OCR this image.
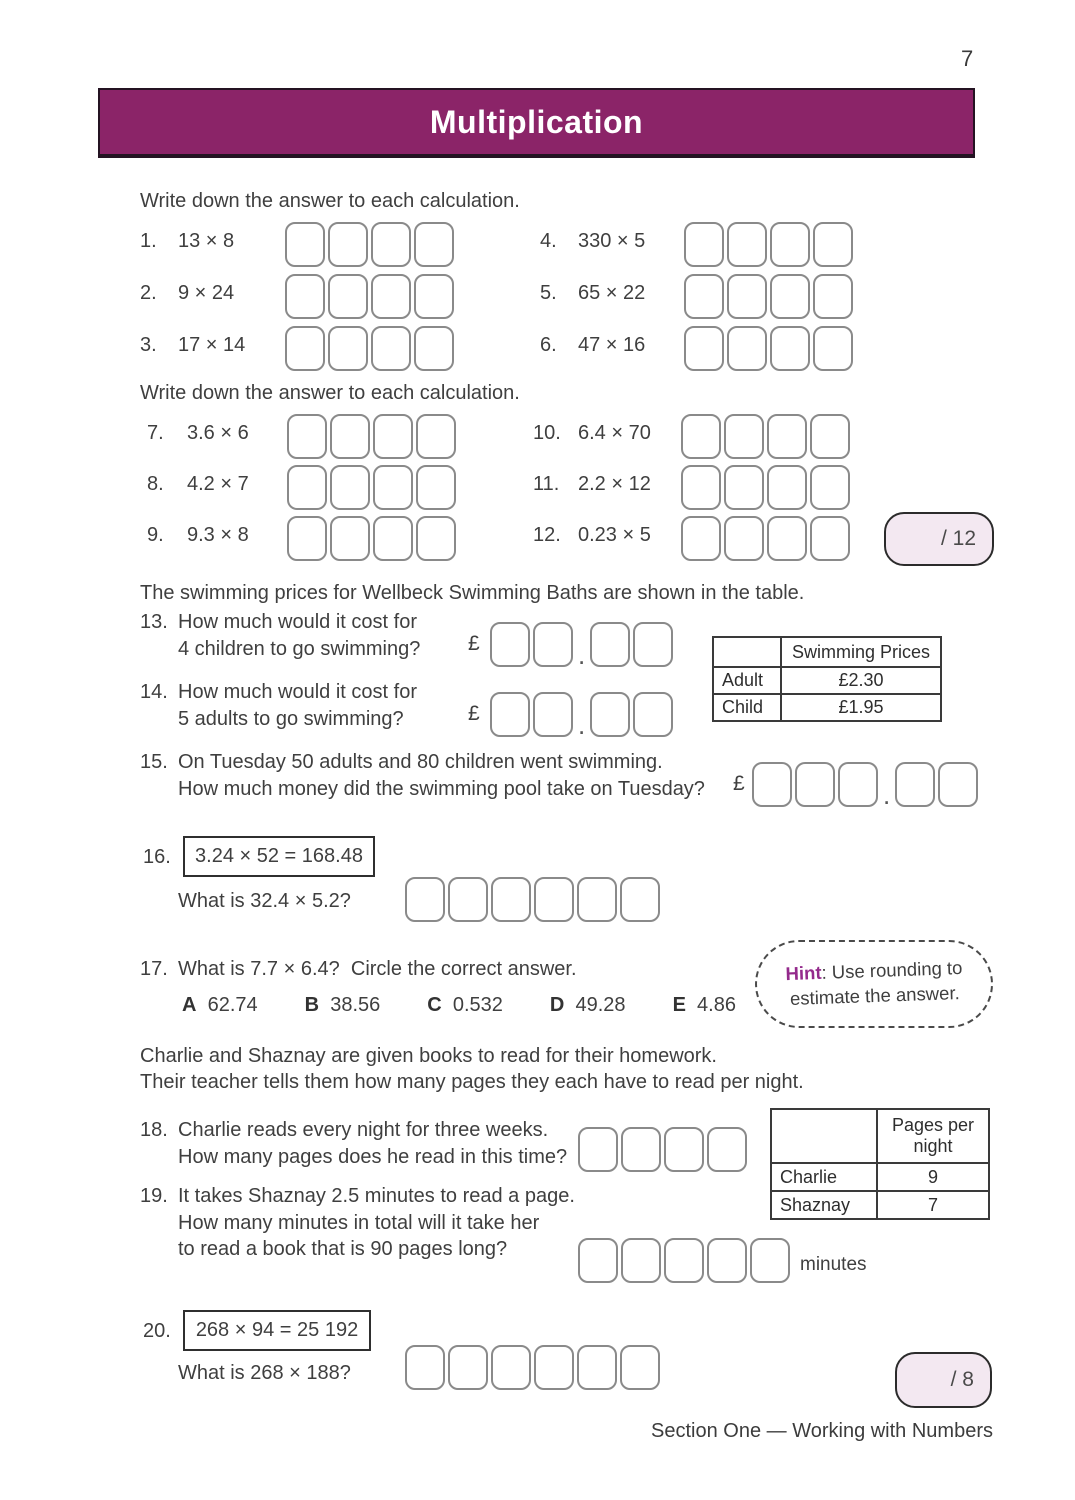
7
Multiplication
Write down the answer to each calculation.
1. 13 × 8
2. 9 × 24
3. 17 × 14
4. 330 × 5
5. 65 × 22
6. 47 × 16
Write down the answer to each calculation.
7. 3.6 × 6
8. 4.2 × 7
9. 9.3 × 8
10. 6.4 × 70
11. 2.2 × 12
12. 0.23 × 5	/ 12
The swimming prices for Wellbeck Swimming Baths are shown in the table.
13. How much would it cost for
4 children to go swimming? £	.
		Swimming Prices
Adult	£2.30
Child	£1.95
14. How much would it cost for
5 adults to go swimming?	£	.
15. On Tuesday 50 adults and 80 children went swimming.
How much money did the swimming pool take on Tuesday? £	.
16.	3.24 × 52 = 168.48
What is 32.4 × 5.2?
17. What is 7.7 × 6.4?  Circle the correct answer.
A 62.74 B 38.56 C 0.532 D 49.28 E 4.86
Hint: Use rounding to
estimate the answer.
Charlie and Shaznay are given books to read for their homework.
Their teacher tells them how many pages they each have to read per night.
18. Charlie reads every night for three weeks.
How many pages does he read in this time?
	Pages per
night
Charlie	9
Shaznay	7
19. It takes Shaznay 2.5 minutes to read a page.
How many minutes in total will it take her
to read a book that is 90 pages long?
minutes
20.	268 × 94 = 25 192
What is 268 × 188?	/ 8
Section One — Working with Numbers
